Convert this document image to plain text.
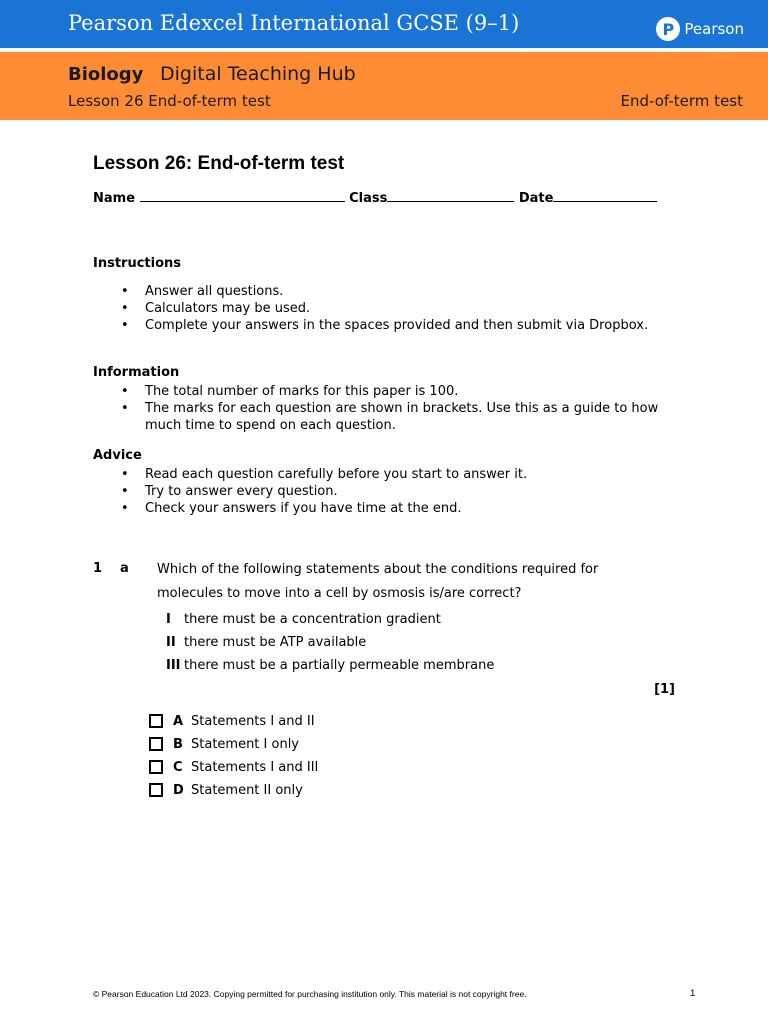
Pearson Edexcel International GCSE (9–1)	P Pearson
Biology Digital Teaching Hub
Lesson 26 End-of-term test	End-of-term test
Lesson 26: End-of-term test
Name	Class	Date
Instructions
• Answer all questions.
• Calculators may be used.
• Complete your answers in the spaces provided and then submit via Dropbox.
Information
• The total number of marks for this paper is 100.
• The marks for each question are shown in brackets. Use this as a guide to how much time to spend on each question.
Advice
• Read each question carefully before you start to answer it.
• Try to answer every question.
• Check your answers if you have time at the end.
1 a Which of the following statements about the conditions required for molecules to move into a cell by osmosis is/are correct?
I there must be a concentration gradient
II there must be ATP available
III there must be a partially permeable membrane
[1]
A Statements I and II
B Statement I only
C Statements I and III
D Statement II only
© Pearson Education Ltd 2023. Copying permitted for purchasing institution only. This material is not copyright free.	1
